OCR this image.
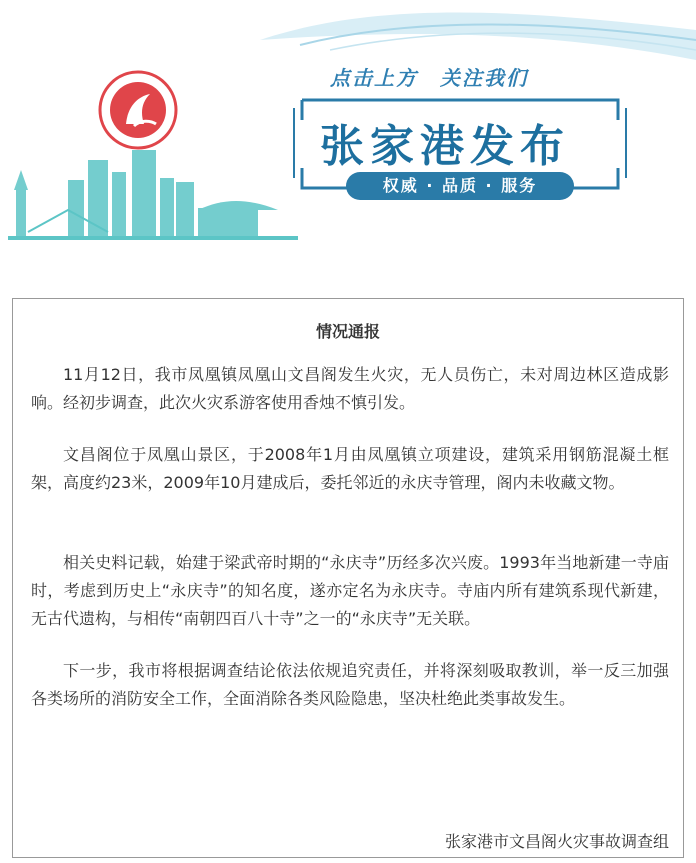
点击上方　关注我们
张家港发布
权威 · 品质 · 服务
情况通报

11月12日，我市凤凰镇凤凰山文昌阁发生火灾，无人员伤亡，未对周边林区造成影响。经初步调查，此次火灾系游客使用香烛不慎引发。

文昌阁位于凤凰山景区，于2008年1月由凤凰镇立项建设，建筑采用钢筋混凝土框架，高度约23米，2009年10月建成后，委托邻近的永庆寺管理，阁内未收藏文物。

相关史料记载，始建于梁武帝时期的“永庆寺”历经多次兴废。1993年当地新建一寺庙时，考虑到历史上“永庆寺”的知名度，遂亦定名为永庆寺。寺庙内所有建筑系现代新建，无古代遗构，与相传“南朝四百八十寺”之一的“永庆寺”无关联。

下一步，我市将根据调查结论依法依规追究责任，并将深刻吸取教训，举一反三加强各类场所的消防安全工作，全面消除各类风险隐患，坚决杜绝此类事故发生。

张家港市文昌阁火灾事故调查组
